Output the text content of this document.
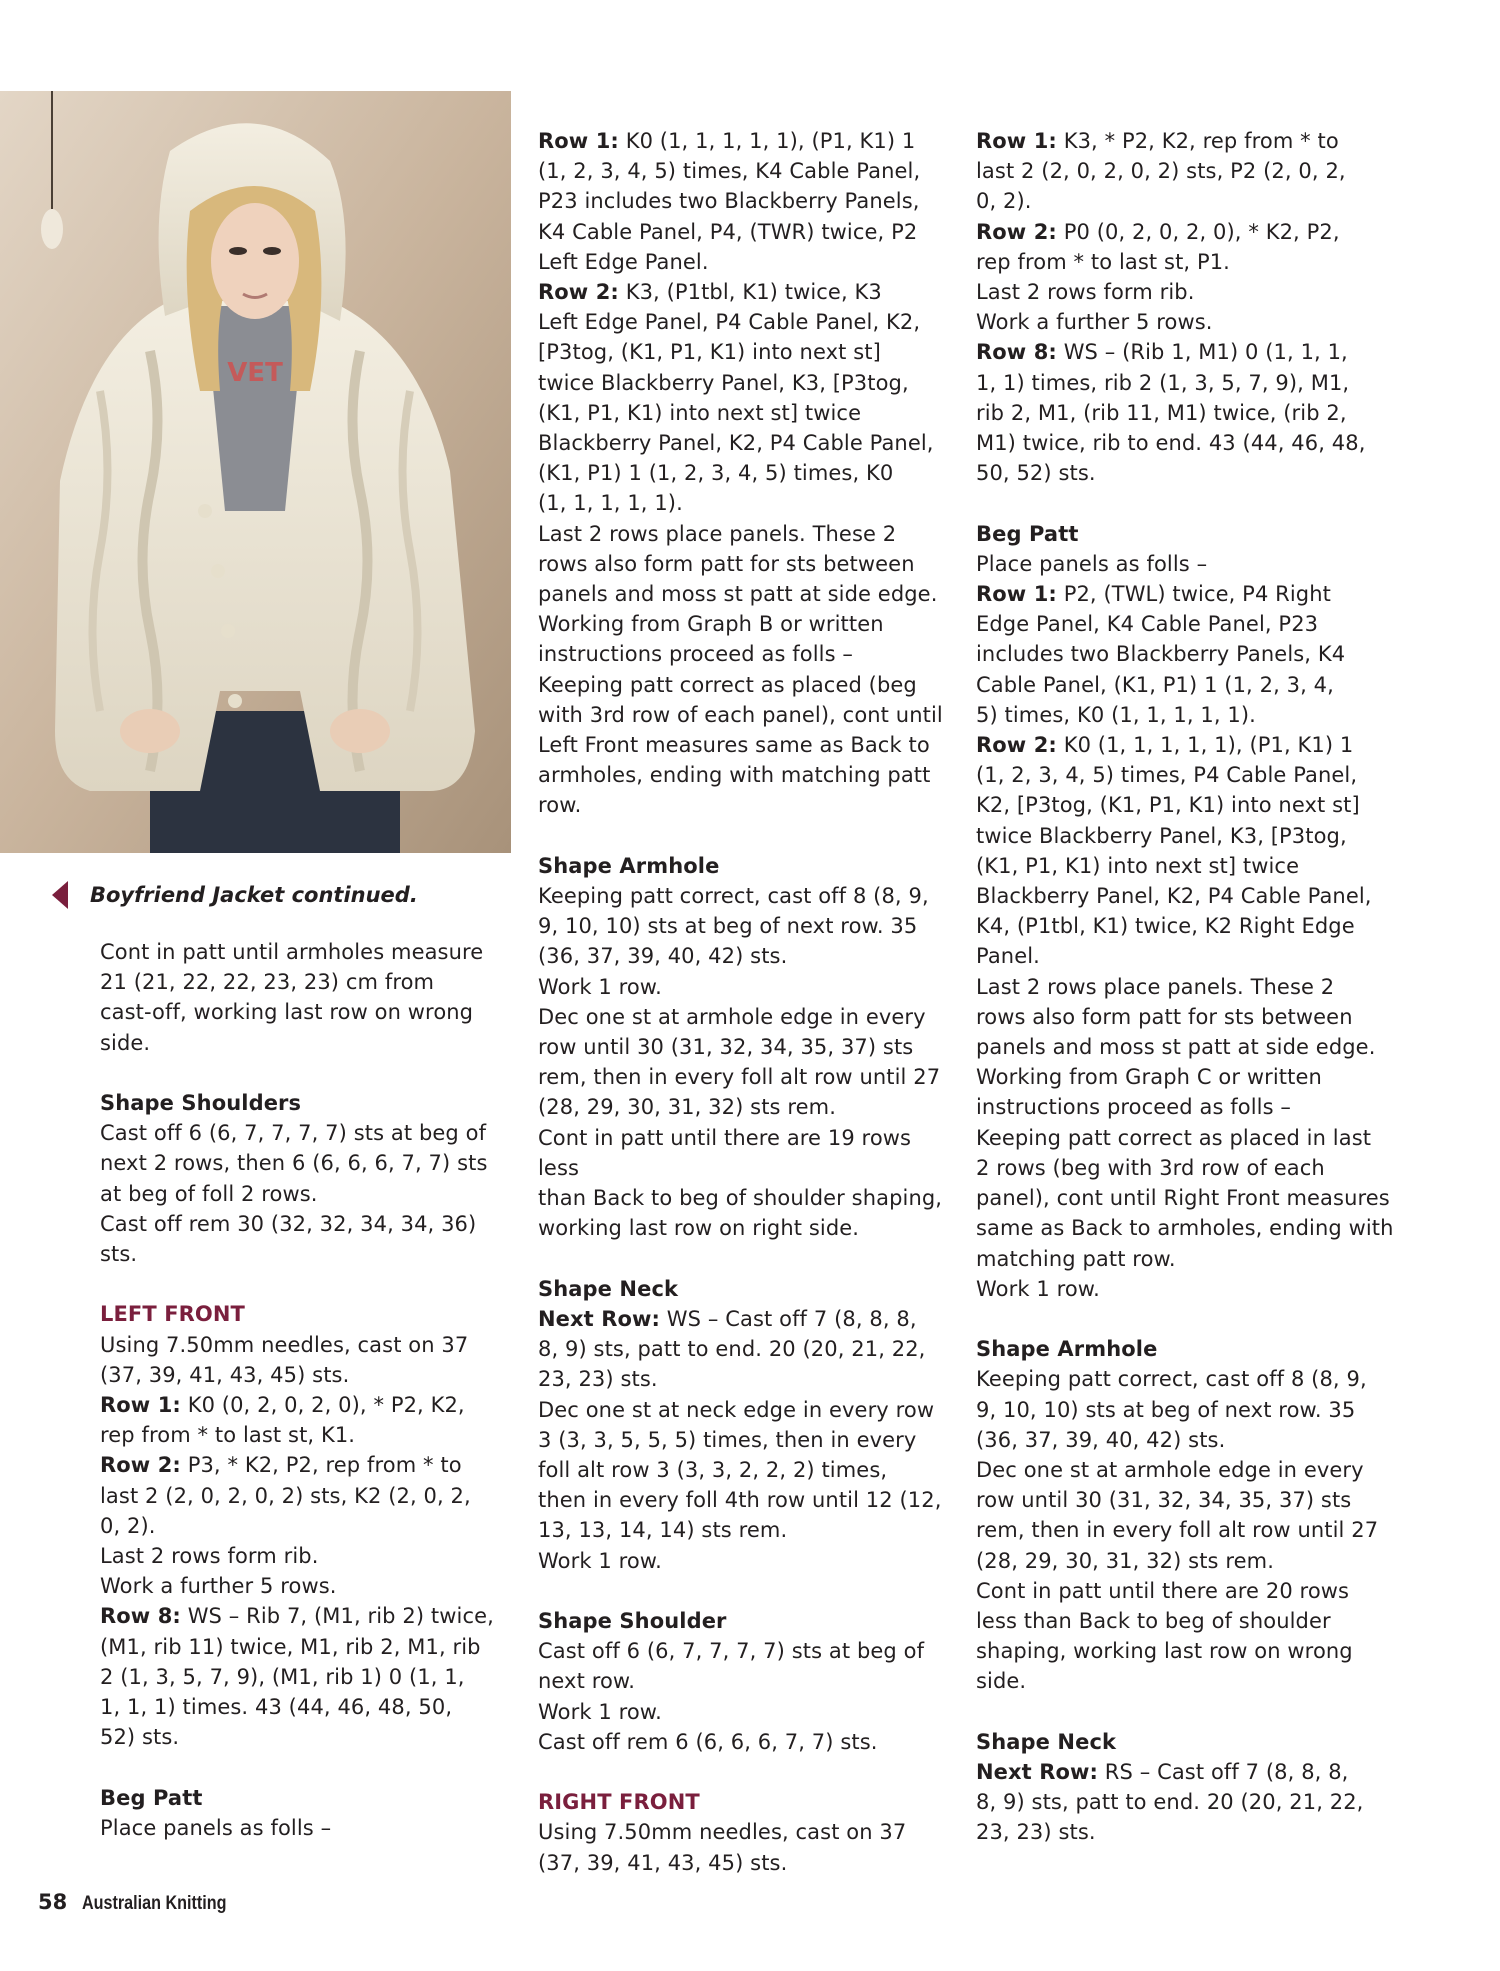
VET
Boyfriend Jacket continued.

Cont in patt until armholes measure

21 (21, 22, 22, 23, 23) cm from

cast-off, working last row on wrong

side.

Shape Shoulders

Cast off 6 (6, 7, 7, 7, 7) sts at beg of

next 2 rows, then 6 (6, 6, 6, 7, 7) sts

at beg of foll 2 rows.

Cast off rem 30 (32, 32, 34, 34, 36)

sts.

LEFT FRONT

Using 7.50mm needles, cast on 37

(37, 39, 41, 43, 45) sts.

Row 1: K0 (0, 2, 0, 2, 0), * P2, K2,

rep from * to last st, K1.

Row 2: P3, * K2, P2, rep from * to

last 2 (2, 0, 2, 0, 2) sts, K2 (2, 0, 2,

0, 2).

Last 2 rows form rib.

Work a further 5 rows.

Row 8: WS – Rib 7, (M1, rib 2) twice,

(M1, rib 11) twice, M1, rib 2, M1, rib

2 (1, 3, 5, 7, 9), (M1, rib 1) 0 (1, 1,

1, 1, 1) times. 43 (44, 46, 48, 50,

52) sts.

Beg Patt

Place panels as folls –

Row 1: K0 (1, 1, 1, 1, 1), (P1, K1) 1

(1, 2, 3, 4, 5) times, K4 Cable Panel,

P23 includes two Blackberry Panels,

K4 Cable Panel, P4, (TWR) twice, P2

Left Edge Panel.

Row 2: K3, (P1tbl, K1) twice, K3

Left Edge Panel, P4 Cable Panel, K2,

[P3tog, (K1, P1, K1) into next st]

twice Blackberry Panel, K3, [P3tog,

(K1, P1, K1) into next st] twice

Blackberry Panel, K2, P4 Cable Panel,

(K1, P1) 1 (1, 2, 3, 4, 5) times, K0

(1, 1, 1, 1, 1).

Last 2 rows place panels. These 2

rows also form patt for sts between

panels and moss st patt at side edge.

Working from Graph B or written

instructions proceed as folls –

Keeping patt correct as placed (beg

with 3rd row of each panel), cont until

Left Front measures same as Back to

armholes, ending with matching patt

row.

Shape Armhole

Keeping patt correct, cast off 8 (8, 9,

9, 10, 10) sts at beg of next row. 35

(36, 37, 39, 40, 42) sts.

Work 1 row.

Dec one st at armhole edge in every

row until 30 (31, 32, 34, 35, 37) sts

rem, then in every foll alt row until 27

(28, 29, 30, 31, 32) sts rem.

Cont in patt until there are 19 rows less

than Back to beg of shoulder shaping,

working last row on right side.

Shape Neck

Next Row: WS – Cast off 7 (8, 8, 8,

8, 9) sts, patt to end. 20 (20, 21, 22,

23, 23) sts.

Dec one st at neck edge in every row

3 (3, 3, 5, 5, 5) times, then in every

foll alt row 3 (3, 3, 2, 2, 2) times,

then in every foll 4th row until 12 (12,

13, 13, 14, 14) sts rem.

Work 1 row.

Shape Shoulder

Cast off 6 (6, 7, 7, 7, 7) sts at beg of

next row.

Work 1 row.

Cast off rem 6 (6, 6, 6, 7, 7) sts.

RIGHT FRONT

Using 7.50mm needles, cast on 37

(37, 39, 41, 43, 45) sts.

Row 1: K3, * P2, K2, rep from * to

last 2 (2, 0, 2, 0, 2) sts, P2 (2, 0, 2,

0, 2).

Row 2: P0 (0, 2, 0, 2, 0), * K2, P2,

rep from * to last st, P1.

Last 2 rows form rib.

Work a further 5 rows.

Row 8: WS – (Rib 1, M1) 0 (1, 1, 1,

1, 1) times, rib 2 (1, 3, 5, 7, 9), M1,

rib 2, M1, (rib 11, M1) twice, (rib 2,

M1) twice, rib to end. 43 (44, 46, 48,

50, 52) sts.

Beg Patt

Place panels as folls –

Row 1: P2, (TWL) twice, P4 Right

Edge Panel, K4 Cable Panel, P23

includes two Blackberry Panels, K4

Cable Panel, (K1, P1) 1 (1, 2, 3, 4,

5) times, K0 (1, 1, 1, 1, 1).

Row 2: K0 (1, 1, 1, 1, 1), (P1, K1) 1

(1, 2, 3, 4, 5) times, P4 Cable Panel,

K2, [P3tog, (K1, P1, K1) into next st]

twice Blackberry Panel, K3, [P3tog,

(K1, P1, K1) into next st] twice

Blackberry Panel, K2, P4 Cable Panel,

K4, (P1tbl, K1) twice, K2 Right Edge

Panel.

Last 2 rows place panels. These 2

rows also form patt for sts between

panels and moss st patt at side edge.

Working from Graph C or written

instructions proceed as folls –

Keeping patt correct as placed in last

2 rows (beg with 3rd row of each

panel), cont until Right Front measures

same as Back to armholes, ending with

matching patt row.

Work 1 row.

Shape Armhole

Keeping patt correct, cast off 8 (8, 9,

9, 10, 10) sts at beg of next row. 35

(36, 37, 39, 40, 42) sts.

Dec one st at armhole edge in every

row until 30 (31, 32, 34, 35, 37) sts

rem, then in every foll alt row until 27

(28, 29, 30, 31, 32) sts rem.

Cont in patt until there are 20 rows

less than Back to beg of shoulder

shaping, working last row on wrong

side.

Shape Neck

Next Row: RS – Cast off 7 (8, 8, 8,

8, 9) sts, patt to end. 20 (20, 21, 22,

23, 23) sts.

58 Australian Knitting
